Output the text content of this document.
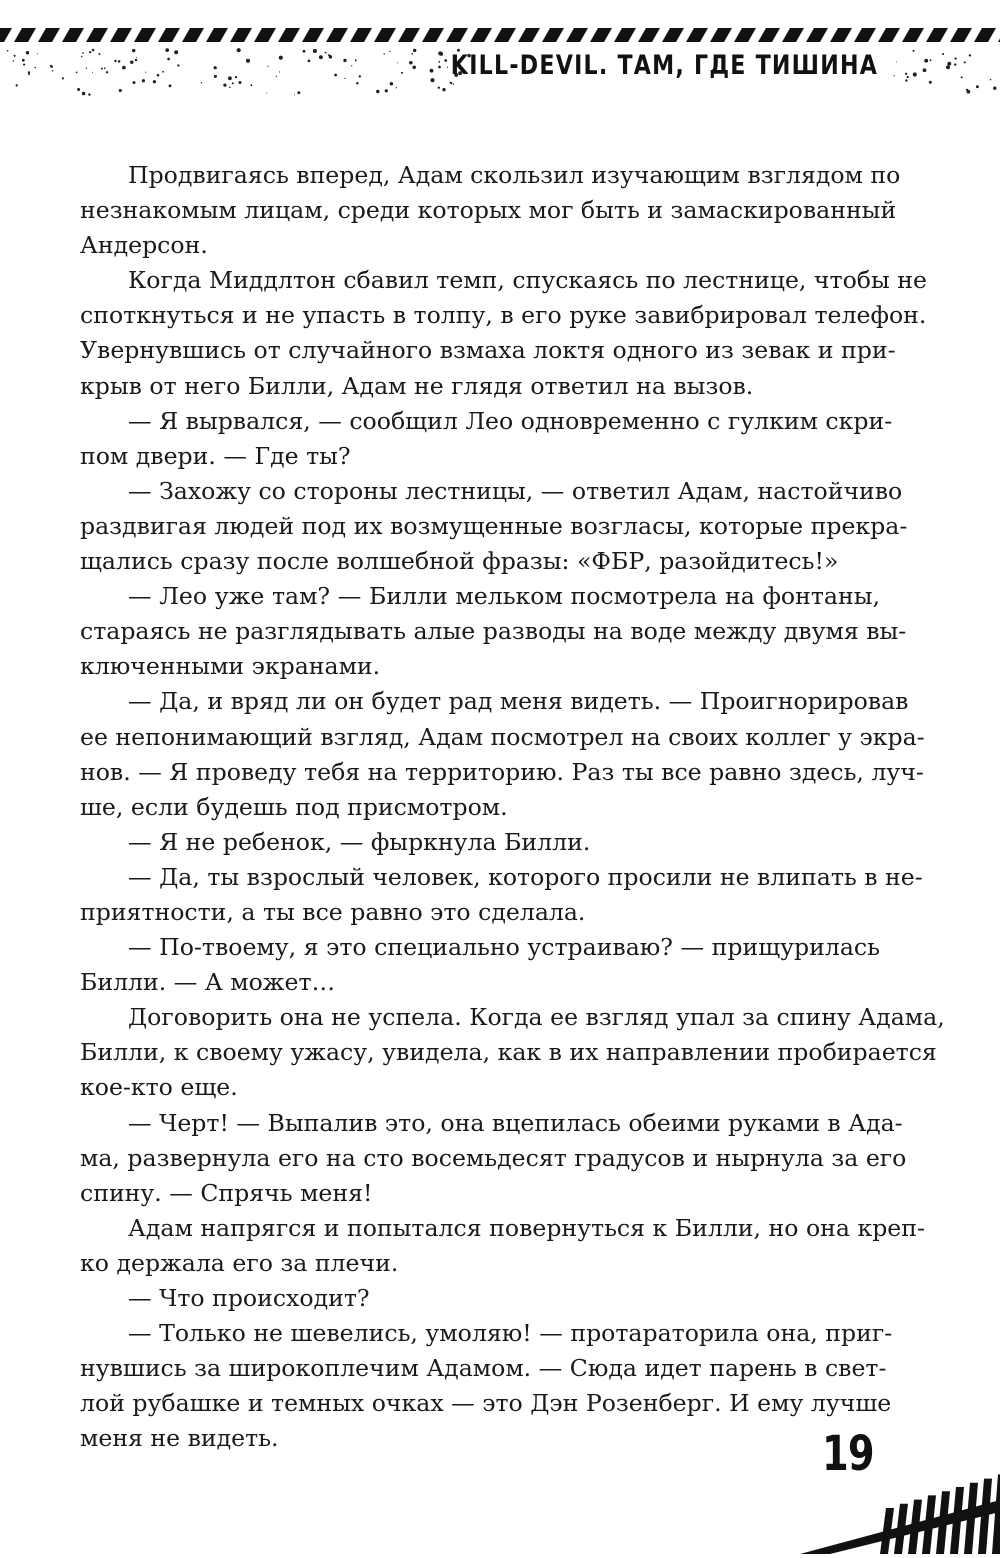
KILL-DEVIL. ТАМ, ГДЕ ТИШИНА
Продвигаясь вперед, Адам скользил изучающим взглядом по
незнакомым лицам, среди которых мог быть и замаскированный
Андерсон.
Когда Миддлтон сбавил темп, спускаясь по лестнице, чтобы не
споткнуться и не упасть в толпу, в его руке завибрировал телефон.
Увернувшись от случайного взмаха локтя одного из зевак и при-
крыв от него Билли, Адам не глядя ответил на вызов.
— Я вырвался, — сообщил Лео одновременно с гулким скри-
пом двери. — Где ты?
— Захожу со стороны лестницы, — ответил Адам, настойчиво
раздвигая людей под их возмущенные возгласы, которые прекра-
щались сразу после волшебной фразы: «ФБР, разойдитесь!»
— Лео уже там? — Билли мельком посмотрела на фонтаны,
стараясь не разглядывать алые разводы на воде между двумя вы-
ключенными экранами.
— Да, и вряд ли он будет рад меня видеть. — Проигнорировав
ее непонимающий взгляд, Адам посмотрел на своих коллег у экра-
нов. — Я проведу тебя на территорию. Раз ты все равно здесь, луч-
ше, если будешь под присмотром.
— Я не ребенок, — фыркнула Билли.
— Да, ты взрослый человек, которого просили не влипать в не-
приятности, а ты все равно это сделала.
— По-твоему, я это специально устраиваю? — прищурилась
Билли. — А может…
Договорить она не успела. Когда ее взгляд упал за спину Адама,
Билли, к своему ужасу, увидела, как в их направлении пробирается
кое-кто еще.
— Черт! — Выпалив это, она вцепилась обеими руками в Ада-
ма, развернула его на сто восемьдесят градусов и нырнула за его
спину. — Спрячь меня!
Адам напрягся и попытался повернуться к Билли, но она креп-
ко держала его за плечи.
— Что происходит?
— Только не шевелись, умоляю! — протараторила она, приг-
нувшись за широкоплечим Адамом. — Сюда идет парень в свет-
лой рубашке и темных очках — это Дэн Розенберг. И ему лучше
меня не видеть.	19
